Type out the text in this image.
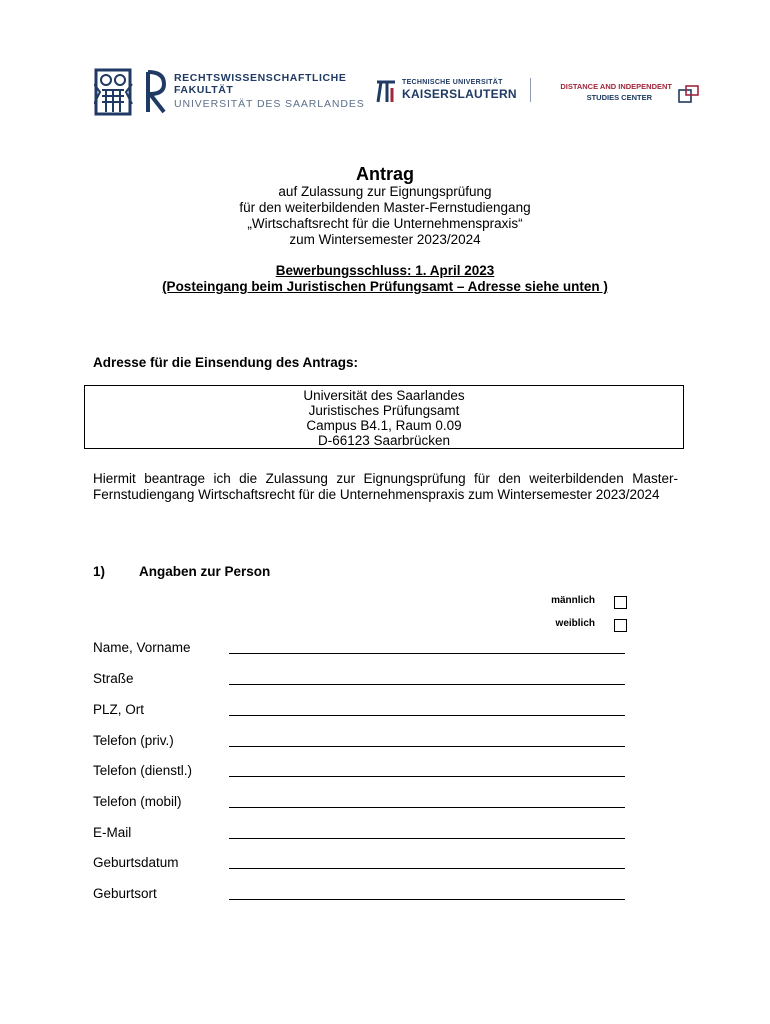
RECHTSWISSENSCHAFTLICHE
FAKULTÄT
UNIVERSITÄT DES SAARLANDES
TECHNISCHE UNIVERSITÄT
KAISERSLAUTERN
DISTANCE AND INDEPENDENT
STUDIES CENTER
Antrag
auf Zulassung zur Eignungsprüfung
für den weiterbildenden Master-Fernstudiengang
„Wirtschaftsrecht für die Unternehmenspraxis“
zum Wintersemester 2023/2024
Bewerbungsschluss: 1. April 2023
(Posteingang beim Juristischen Prüfungsamt – Adresse siehe unten )
Adresse für die Einsendung des Antrags:
Universität des Saarlandes
Juristisches Prüfungsamt
Campus B4.1, Raum 0.09
D-66123 Saarbrücken
Hiermit beantrage ich die Zulassung zur Eignungsprüfung für den weiterbildenden Master-Fernstudiengang Wirtschaftsrecht für die Unternehmenspraxis zum Wintersemester 2023/2024
1)	Angaben zur Person
männlich
weiblich
Name, Vorname
Straße
PLZ, Ort
Telefon (priv.)
Telefon (dienstl.)
Telefon (mobil)
E-Mail
Geburtsdatum
Geburtsort
